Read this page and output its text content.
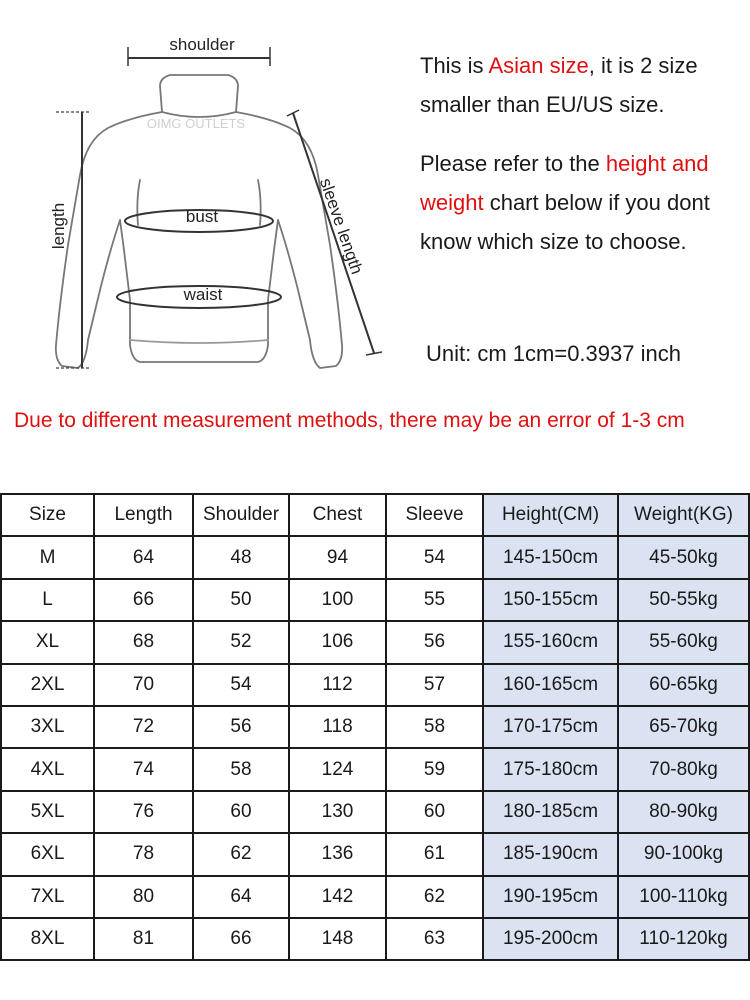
shoulder
length	bust
waist
sleeve length
OIMG OUTLETS

This is Asian size, it is 2 size smaller than EU/US size.

Please refer to the height and weight chart below if you dont know which size to choose.

Unit: cm 1cm=0.3937 inch
Due to different measurement methods, there may be an error of 1-3 cm
Size	Length	Shoulder	Chest	Sleeve	Height(CM)	Weight(KG)
M	64	48	94	54	145-150cm	45-50kg
L	66	50	100	55	150-155cm	50-55kg
XL	68	52	106	56	155-160cm	55-60kg
2XL	70	54	112	57	160-165cm	60-65kg
3XL	72	56	118	58	170-175cm	65-70kg
4XL	74	58	124	59	175-180cm	70-80kg
5XL	76	60	130	60	180-185cm	80-90kg
6XL	78	62	136	61	185-190cm	90-100kg
7XL	80	64	142	62	190-195cm	100-110kg
8XL	81	66	148	63	195-200cm	110-120kg
